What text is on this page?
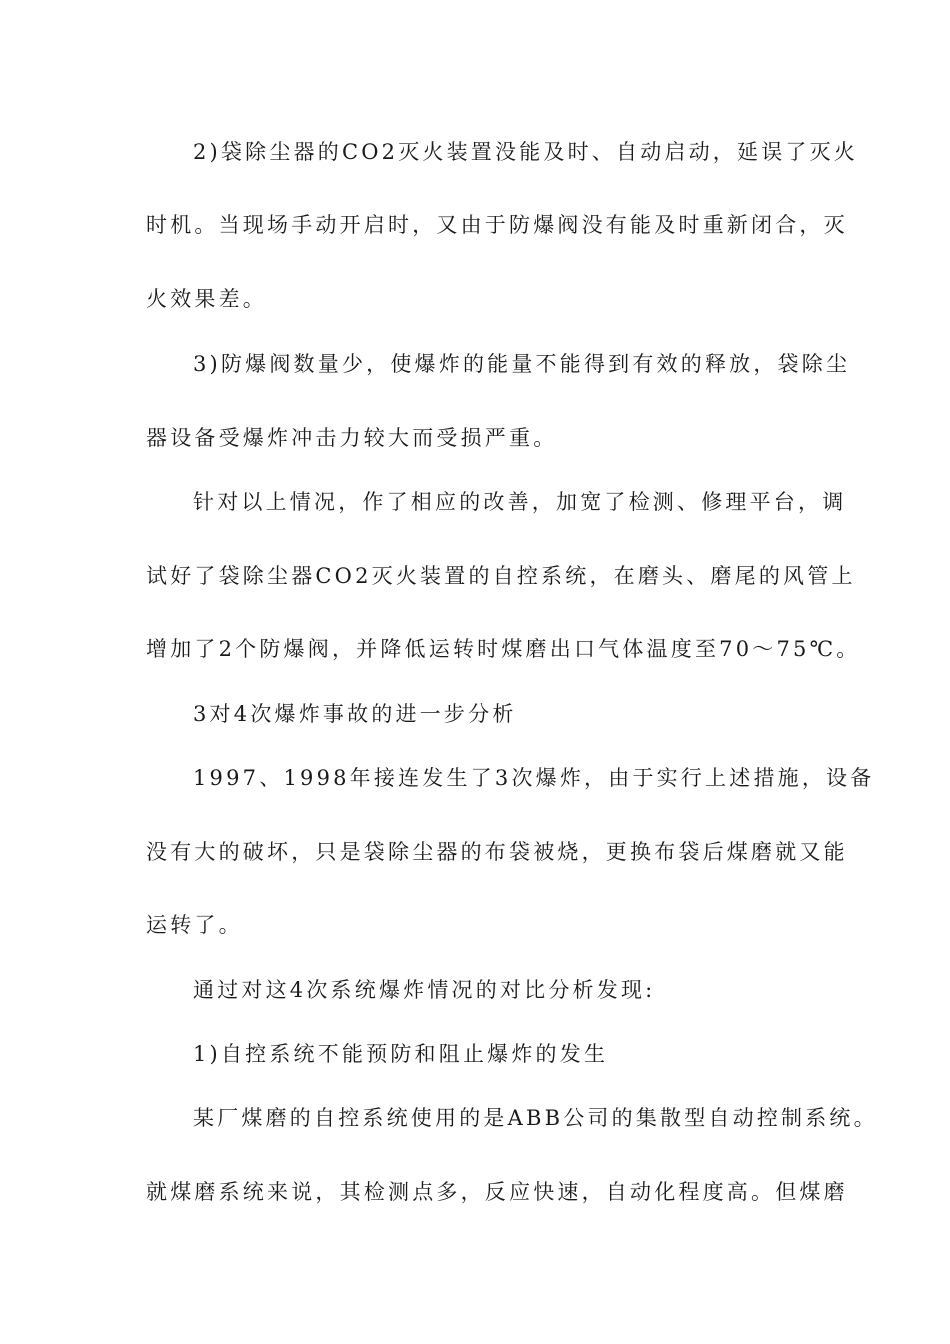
2)袋除尘器的CO2灭火装置没能及时、自动启动，延误了灭火
时机。当现场手动开启时，又由于防爆阀没有能及时重新闭合，灭
火效果差。
3)防爆阀数量少，使爆炸的能量不能得到有效的释放，袋除尘
器设备受爆炸冲击力较大而受损严重。
针对以上情况，作了相应的改善，加宽了检测、修理平台，调
试好了袋除尘器CO2灭火装置的自控系统，在磨头、磨尾的风管上
增加了2个防爆阀，并降低运转时煤磨出口气体温度至70～75℃。
3对4次爆炸事故的进一步分析
1997、1998年接连发生了3次爆炸，由于实行上述措施，设备
没有大的破坏，只是袋除尘器的布袋被烧，更换布袋后煤磨就又能
运转了。
通过对这4次系统爆炸情况的对比分析发现:
1)自控系统不能预防和阻止爆炸的发生
某厂煤磨的自控系统使用的是ABB公司的集散型自动控制系统。
就煤磨系统来说，其检测点多，反应快速，自动化程度高。但煤磨
